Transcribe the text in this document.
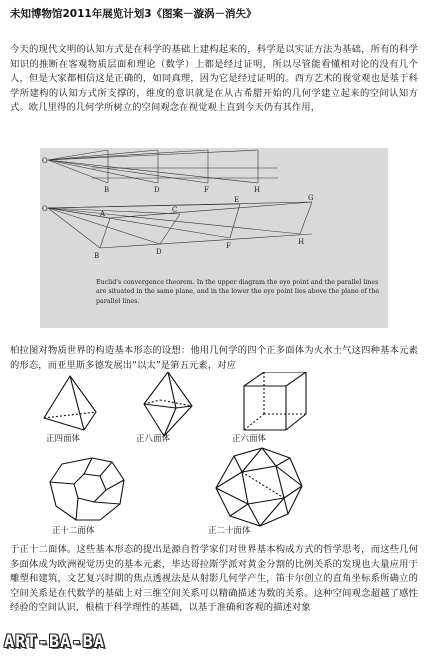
未知博物馆2011年展览计划3《图案－漩涡－消失》

今天的现代文明的认知方式是在科学的基础上建构起来的，科学是以实证方法为基础，所有的科学知识的推断在客观物质层面和理论（数学）上都是经过证明，所以尽管能看懂相对论的没有几个人，但是大家都相信这是正确的，如同真理，因为它是经过证明的。西方艺术的视觉观也是基于科学所建构的认知方式所支撑的，维度的意识就是在从古希腊开始的几何学建立起来的空间认知方式。欧几里得的几何学所树立的空间观念在视觉观上直到今天仍有其作用，

O
B	D	F	H
O
A
B
C
D
E
F
G
H
Euclid's convergence theorem. In the upper diagram the eye point and the parallel lines are situated in the same plane, and in the lower the eye point lies above the plane of the parallel lines.

柏拉图对物质世界的构造基本形态的设想：他用几何学的四个正多面体为火水土气这四种基本元素的形态，而亚里斯多德发展出“以太”是第五元素，对应

正四面体	正八面体	正六面体
正十二面体	正二十面体

于正十二面体。这些基本形态的提出是源自哲学家们对世界基本构成方式的哲学思考，而这些几何多面体成为欧洲视觉历史的基本元素，毕达哥拉斯学派对黄金分割的比例关系的发现也大量应用于雕塑和建筑，文艺复兴时期的焦点透视法是从射影几何学产生，笛卡尔创立的直角坐标系所确立的空间关系是在代数学的基础上对三维空间关系可以精确描述为数的关系。这种空间观念超越了感性经验的空间认识，根植于科学理性的基础，以基于准确和客观的描述对象

ART-BA-BA
